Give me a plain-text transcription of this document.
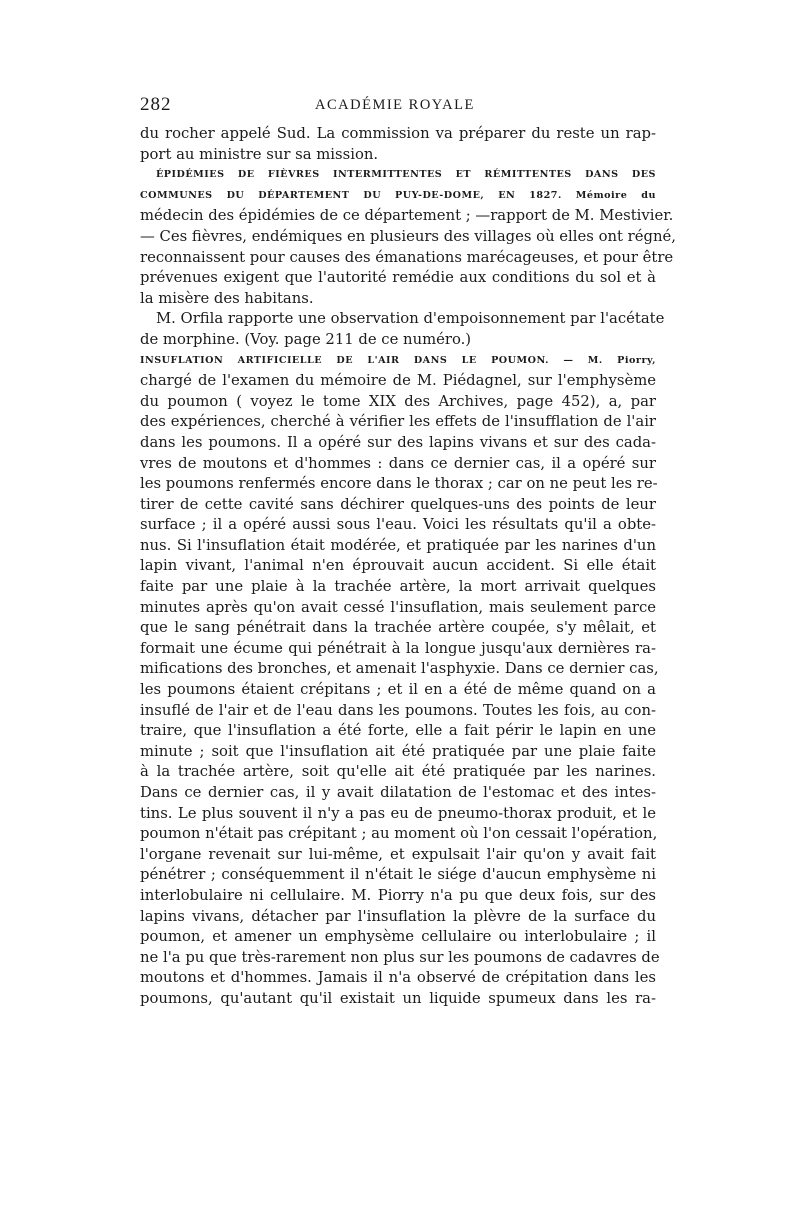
282	ACADÉMIE ROYALE
du rocher appelé Sud. La commission va préparer du reste un rap-
port au ministre sur sa mission.
ÉPIDÉMIES DE FIÈVRES INTERMITTENTES ET RÉMITTENTES DANS DES
COMMUNES DU DÉPARTEMENT DU PUY-DE-DOME, EN 1827. Mémoire du
médecin des épidémies de ce département ; —rapport de M. Mestivier.
— Ces fièvres, endémiques en plusieurs des villages où elles ont régné,
reconnaissent pour causes des émanations marécageuses, et pour être
prévenues exigent que l'autorité remédie aux conditions du sol et à
la misère des habitans.
M. Orfila rapporte une observation d'empoisonnement par l'acétate
de morphine. (Voy. page 211 de ce numéro.)
INSUFLATION ARTIFICIELLE DE L'AIR DANS LE POUMON. — M. Piorry,
chargé de l'examen du mémoire de M. Piédagnel, sur l'emphysème
du poumon ( voyez le tome XIX des Archives, page 452), a, par
des expériences, cherché à vérifier les effets de l'insufflation de l'air
dans les poumons. Il a opéré sur des lapins vivans et sur des cada-
vres de moutons et d'hommes : dans ce dernier cas, il a opéré sur
les poumons renfermés encore dans le thorax ; car on ne peut les re-
tirer de cette cavité sans déchirer quelques-uns des points de leur
surface ; il a opéré aussi sous l'eau. Voici les résultats qu'il a obte-
nus. Si l'insuflation était modérée, et pratiquée par les narines d'un
lapin vivant, l'animal n'en éprouvait aucun accident. Si elle était
faite par une plaie à la trachée artère, la mort arrivait quelques
minutes après qu'on avait cessé l'insuflation, mais seulement parce
que le sang pénétrait dans la trachée artère coupée, s'y mêlait, et
formait une écume qui pénétrait à la longue jusqu'aux dernières ra-
mifications des bronches, et amenait l'asphyxie. Dans ce dernier cas,
les poumons étaient crépitans ; et il en a été de même quand on a
insuflé de l'air et de l'eau dans les poumons. Toutes les fois, au con-
traire, que l'insuflation a été forte, elle a fait périr le lapin en une
minute ; soit que l'insuflation ait été pratiquée par une plaie faite
à la trachée artère, soit qu'elle ait été pratiquée par les narines.
Dans ce dernier cas, il y avait dilatation de l'estomac et des intes-
tins. Le plus souvent il n'y a pas eu de pneumo-thorax produit, et le
poumon n'était pas crépitant ; au moment où l'on cessait l'opération,
l'organe revenait sur lui-même, et expulsait l'air qu'on y avait fait
pénétrer ; conséquemment il n'était le siége d'aucun emphysème ni
interlobulaire ni cellulaire. M. Piorry n'a pu que deux fois, sur des
lapins vivans, détacher par l'insuflation la plèvre de la surface du
poumon, et amener un emphysème cellulaire ou interlobulaire ; il
ne l'a pu que très-rarement non plus sur les poumons de cadavres de
moutons et d'hommes. Jamais il n'a observé de crépitation dans les
poumons, qu'autant qu'il existait un liquide spumeux dans les ra-
